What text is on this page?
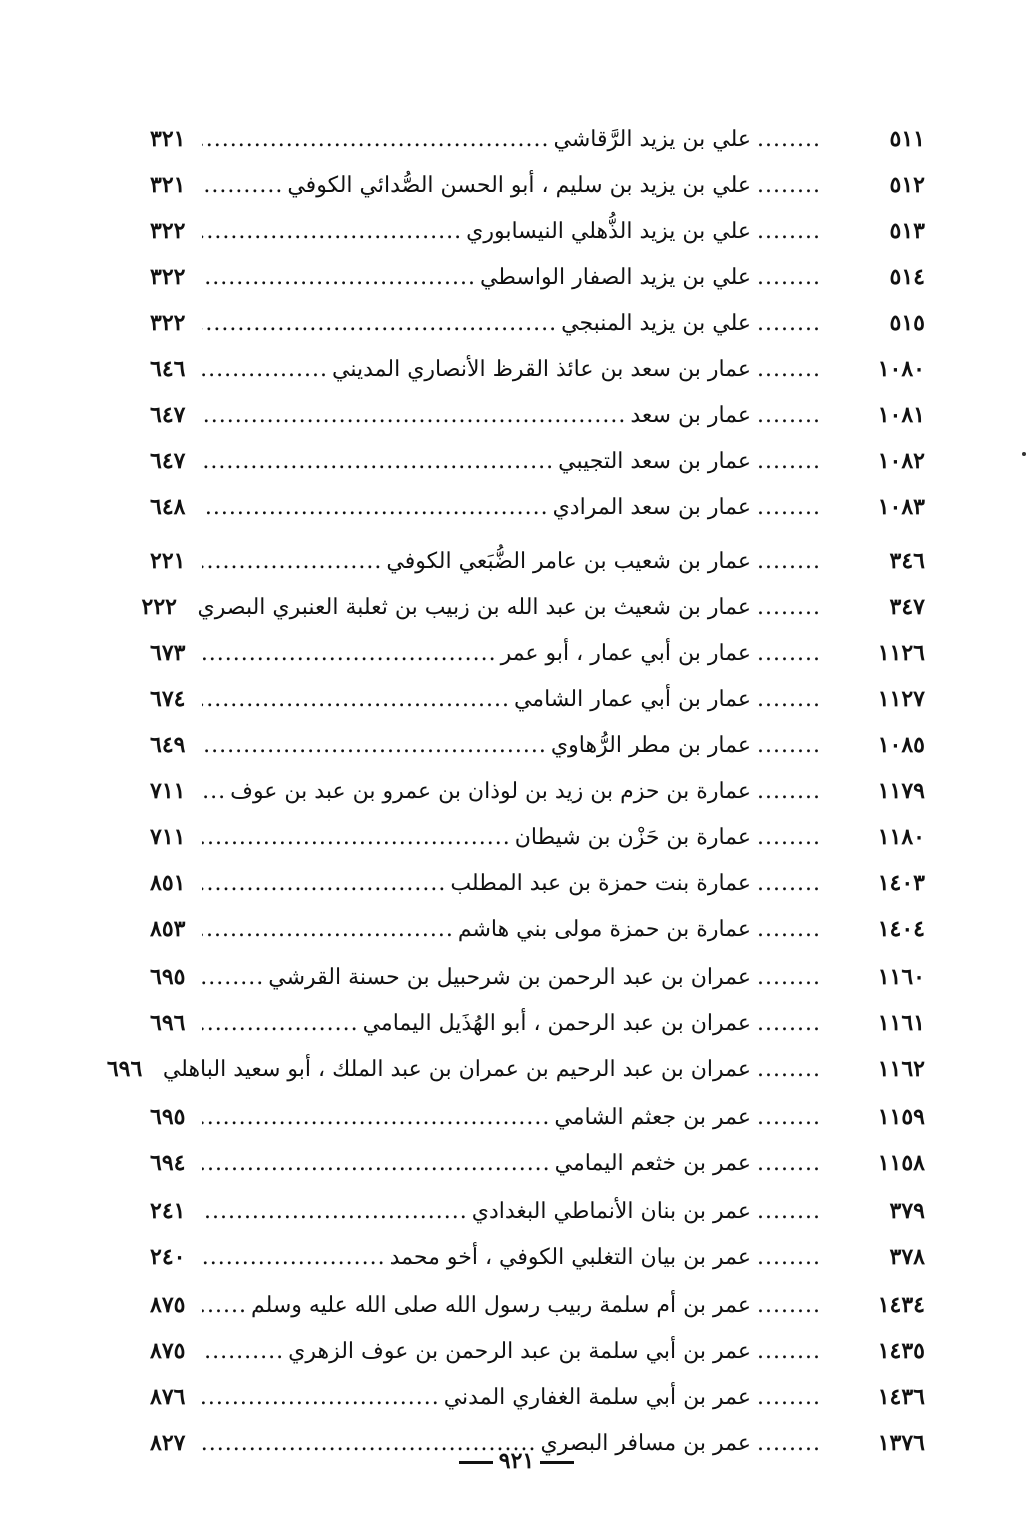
٥١١
........
علي بن يزيد الرَّقاشي
.....
٣٢١
٥١٢
........
علي بن يزيد بن سليم ، أبو الحسن الصُّدائي الكوفي
.....
٣٢١
٥١٣
........
علي بن يزيد الذُّهلي النيسابوري
.....
٣٢٢
٥١٤
........
علي بن يزيد الصفار الواسطي
.....
٣٢٢
٥١٥
........
علي بن يزيد المنبجي
.....
٣٢٢
١٠٨٠
........
عمار بن سعد بن عائذ القرظ الأنصاري المديني
.....
٦٤٦
١٠٨١
........
عمار بن سعد
.....
٦٤٧
١٠٨٢
........
عمار بن سعد التجيبي
.....
٦٤٧
١٠٨٣
........
عمار بن سعد المرادي
.....
٦٤٨
٣٤٦
........
عمار بن شعيب بن عامر الضُّبَعي الكوفي
.....
٢٢١
٣٤٧
........
عمار بن شعيث بن عبد الله بن زبيب بن ثعلبة العنبري البصري
٢٢٢
١١٢٦
........
عمار بن أبي عمار ، أبو عمر
.....
٦٧٣
١١٢٧
........
عمار بن أبي عمار الشامي
.....
٦٧٤
١٠٨٥
........
عمار بن مطر الرُّهاوي
.....
٦٤٩
١١٧٩
........
عمارة بن حزم بن زيد بن لوذان بن عمرو بن عبد بن عوف
.....
٧١١
١١٨٠
........
عمارة بن حَزْن بن شيطان
.....
٧١١
١٤٠٣
........
عمارة بنت حمزة بن عبد المطلب
.....
٨٥١
١٤٠٤
........
عمارة بن حمزة مولى بني هاشم
.....
٨٥٣
١١٦٠
........
عمران بن عبد الرحمن بن شرحبيل بن حسنة القرشي
.....
٦٩٥
١١٦١
........
عمران بن عبد الرحمن ، أبو الهُذَيل اليمامي
.....
٦٩٦
١١٦٢
........
عمران بن عبد الرحيم بن عمران بن عبد الملك ، أبو سعيد الباهلي
٦٩٦
١١٥٩
........
عمر بن جعثم الشامي
.....
٦٩٥
١١٥٨
........
عمر بن خثعم اليمامي
.....
٦٩٤
٣٧٩
........
عمر بن بنان الأنماطي البغدادي
.....
٢٤١
٣٧٨
........
عمر بن بيان التغلبي الكوفي ، أخو محمد
.....
٢٤٠
١٤٣٤
........
عمر بن أم سلمة ربيب رسول الله صلى الله عليه وسلم
.....
٨٧٥
١٤٣٥
........
عمر بن أبي سلمة بن عبد الرحمن بن عوف الزهري
.....
٨٧٥
١٤٣٦
........
عمر بن أبي سلمة الغفاري المدني
.....
٨٧٦
١٣٧٦
........
عمر بن مسافر البصري
.....
٨٢٧
٩٢١
